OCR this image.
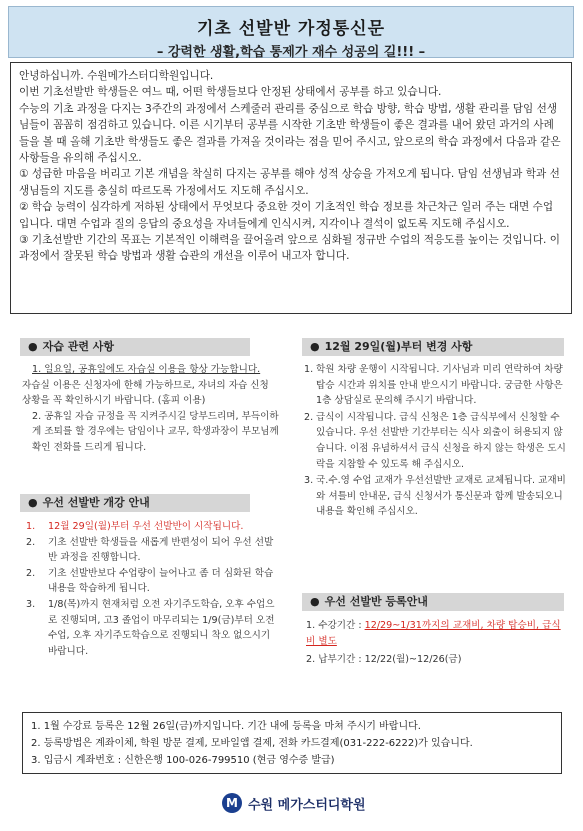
기초 선발반 가정통신문
– 강력한 생활,학습 통제가 재수 성공의 길!!! –

안녕하십니까. 수원메가스터디학원입니다.

이번 기초선발반 학생들은 여느 때, 어떤 학생들보다 안정된 상태에서 공부를 하고 있습니다.

수능의 기초 과정을 다지는 3주간의 과정에서 스케줄러 관리를 중심으로 학습 방향, 학습 방법, 생활 관리를 담임 선생님들이 꼼꼼히 점검하고 있습니다. 이른 시기부터 공부를 시작한 기초반 학생들이 좋은 결과를 내어 왔던 과거의 사례들을 볼 때 올해 기초반 학생들도 좋은 결과를 가져올 것이라는 점을 믿어 주시고, 앞으로의 학습 과정에서 다음과 같은 사항들을 유의해 주십시오.

① 성급한 마음을 버리고 기본 개념을 착실히 다지는 공부를 해야 성적 상승을 가져오게 됩니다. 담임 선생님과 학과 선생님들의 지도를 충실히 따르도록 가정에서도 지도해 주십시오.

② 학습 능력이 심각하게 저하된 상태에서 무엇보다 중요한 것이 기초적인 학습 정보를 차근차근 일러 주는 대면 수업입니다. 대면 수업과 질의 응답의 중요성을 자녀들에게 인식시켜, 지각이나 결석이 없도록 지도해 주십시오.

③ 기초선발반 기간의 목표는 기본적인 이해력을 끌어올려 앞으로 심화될 정규반 수업의 적응도를 높이는 것입니다. 이 과정에서 잘못된 학습 방법과 생활 습관의 개선을 이루어 내고자 합니다.

● 자습 관련 사항

1. 일요일, 공휴일에도 자습실 이용을 항상 가능합니다.

자습실 이용은 신청자에 한해 가능하므로, 자녀의 자습 신청 상황을 꼭 확인하시기 바랍니다. (홈피 이용)

2. 공휴일 자습 규정을 꼭 지켜주시길 당부드리며, 부득이하게 조퇴를 할 경우에는 담임이나 교무, 학생과장이 부모님께 확인 전화를 드리게 됩니다.

● 우선 선발반 개강 안내
1.	12월 29일(월)부터 우선 선발반이 시작됩니다.
2.	기초 선발반 학생들을 새롭게 반편성이 되어 우선 선발반 과정을 진행합니다.
2.	기초 선발반보다 수업량이 늘어나고 좀 더 심화된 학습 내용을 학습하게 됩니다.
3.	1/8(목)까지 현재처럼 오전 자기주도학습, 오후 수업으로 진행되며, 고3 졸업이 마무리되는 1/9(금)부터 오전 수업, 오후 자기주도학습으로 진행되니 착오 없으시기 바랍니다.
● 12월 29일(월)부터 변경 사항
1. 학원 차량 운행이 시작됩니다. 기사님과 미리 연락하여 차량 탑승 시간과 위치를 안내 받으시기 바랍니다. 궁금한 사항은 1층 상담실로 문의해 주시기 바랍니다.
2. 급식이 시작됩니다. 급식 신청은 1층 급식부에서 신청할 수 있습니다. 우선 선발반 기간부터는 식사 외출이 허용되지 않습니다. 이점 유념하셔서 급식 신청을 하지 않는 학생은 도시락을 지참할 수 있도록 해 주십시오.
3. 국.수.영 수업 교재가 우선선발반 교재로 교체됩니다. 교재비와 셔틀비 안내문, 급식 신청서가 통신문과 함께 발송되오니 내용을 확인해 주십시오.
● 우선 선발반 등록안내

1. 수강기간 : 12/29~1/31까지의 교재비, 차량 탑승비, 급식비 별도

2. 납부기간 : 12/22(월)~12/26(금)

1. 1월 수강료 등록은 12월 26일(금)까지입니다. 기간 내에 등록을 마쳐 주시기 바랍니다.

2. 등록방법은 계좌이체, 학원 방문 결제, 모바일앱 결제, 전화 카드결제(031-222-6222)가 있습니다.

3. 입금시 계좌번호 : 신한은행 100-026-799510 (현금 영수증 발급)

M 수원 메가스터디학원
